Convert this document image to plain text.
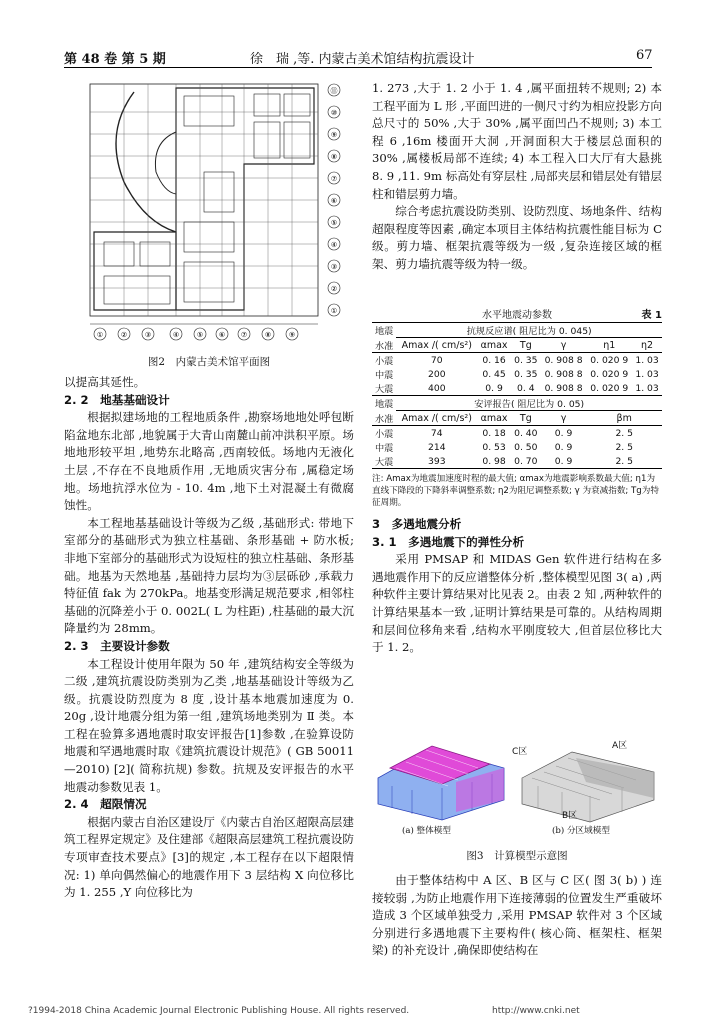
第 48 卷 第 5 期	徐　瑞 ,等. 内蒙古美术馆结构抗震设计	67
①	②	③	④	⑤ ⑥ ⑦	⑧	⑨
⑪
⑩
⑨
⑧
⑦
⑥
⑤
④
③
②
①
图2　内蒙古美术馆平面图

以提高其延性。

2. 2　地基基础设计

根据拟建场地的工程地质条件 ,勘察场地地处呼包断陷盆地东北部 ,地貌属于大青山南麓山前冲洪积平原。场地地形较平坦 ,地势东北略高 ,西南较低。场地内无液化土层 ,不存在不良地质作用 ,无地质灾害分布 ,属稳定场地。场地抗浮水位为 - 10. 4m ,地下土对混凝土有微腐蚀性。

本工程地基基础设计等级为乙级 ,基础形式: 带地下室部分的基础形式为独立柱基础、条形基础 + 防水板; 非地下室部分的基础形式为设短柱的独立柱基础、条形基础。地基为天然地基 ,基础持力层均为③层砾砂 ,承载力特征值 fak 为 270kPa。地基变形满足规范要求 ,相邻柱基础的沉降差小于 0. 002L( L 为柱距) ,柱基础的最大沉降量约为 28mm。

2. 3　主要设计参数

本工程设计使用年限为 50 年 ,建筑结构安全等级为二级 ,建筑抗震设防类别为乙类 ,地基基础设计等级为乙级。抗震设防烈度为 8 度 ,设计基本地震加速度为 0. 20g ,设计地震分组为第一组 ,建筑场地类别为 Ⅱ 类。本工程在验算多遇地震时取安评报告[1]参数 ,在验算设防地震和罕遇地震时取《建筑抗震设计规范》( GB 50011—2010) [2]( 简称抗规) 参数。抗规及安评报告的水平地震动参数见表 1。

2. 4　超限情况

根据内蒙古自治区建设厅《内蒙古自治区超限高层建筑工程界定规定》及住建部《超限高层建筑工程抗震设防专项审查技术要点》[3]的规定 ,本工程存在以下超限情况: 1) 单向偶然偏心的地震作用下 3 层结构 X 向位移比为 1. 255 ,Y 向位移比为

1. 273 ,大于 1. 2 小于 1. 4 ,属平面扭转不规则; 2) 本工程平面为 L 形 ,平面凹进的一侧尺寸约为相应投影方向总尺寸的 50% ,大于 30% ,属平面凹凸不规则; 3) 本工程 6 ,16m 楼面开大洞 ,开洞面积大于楼层总面积的 30% ,属楼板局部不连续; 4) 本工程入口大厅有大悬挑 8. 9 ,11. 9m 标高处有穿层柱 ,局部夹层和错层处有错层柱和错层剪力墙。

综合考虑抗震设防类别、设防烈度、场地条件、结构超限程度等因素 ,确定本项目主体结构抗震性能目标为 C 级。剪力墙、框架抗震等级为一级 ,复杂连接区域的框架、剪力墙抗震等级为特一级。

水平地震动参数	表 1
地震	抗规反应谱( 阻尼比为 0. 045)					
水准	Amax /( cm/s²)	αmax	Tg	γ	η1	η2
小震	70	0. 16	0. 35	0. 908 8	0. 020 9	1. 03
中震	200	0. 45	0. 35	0. 908 8	0. 020 9	1. 03
大震	400	0. 9	0. 4	0. 908 8	0. 020 9	1. 03
地震	安评报告( 阻尼比为 0. 05)					
水准	Amax /( cm/s²)	αmax	Tg	γ	βm	
小震	74	0. 18	0. 40	0. 9	2. 5	
中震	214	0. 53	0. 50	0. 9	2. 5	
大震	393	0. 98	0. 70	0. 9	2. 5	
注: Amax为地震加速度时程的最大值; αmax为地震影响系数最大值; η1为直线下降段的下降斜率调整系数; η2为阻尼调整系数; γ 为衰减指数; Tg为特征周期。
3　多遇地震分析
3. 1　多遇地震下的弹性分析

采用 PMSAP 和 MIDAS Gen 软件进行结构在多遇地震作用下的反应谱整体分析 ,整体模型见图 3( a) ,两种软件主要计算结果对比见表 2。由表 2 知 ,两种软件的计算结果基本一致 ,证明计算结果是可靠的。从结构周期和层间位移角来看 ,结构水平刚度较大 ,但首层位移比大于 1. 2。

C区
A区
B区
(a) 整体模型	(b) 分区域模型
图3　计算模型示意图

由于整体结构中 A 区、B 区与 C 区( 图 3( b) ) 连接较弱 ,为防止地震作用下连接薄弱的位置发生严重破坏造成 3 个区域单独受力 ,采用 PMSAP 软件对 3 个区域分别进行多遇地震下主要构件( 核心筒、框架柱、框架梁) 的补充设计 ,确保即使结构在

?1994-2018 China Academic Journal Electronic Publishing House. All rights reserved.	http://www.cnki.net
